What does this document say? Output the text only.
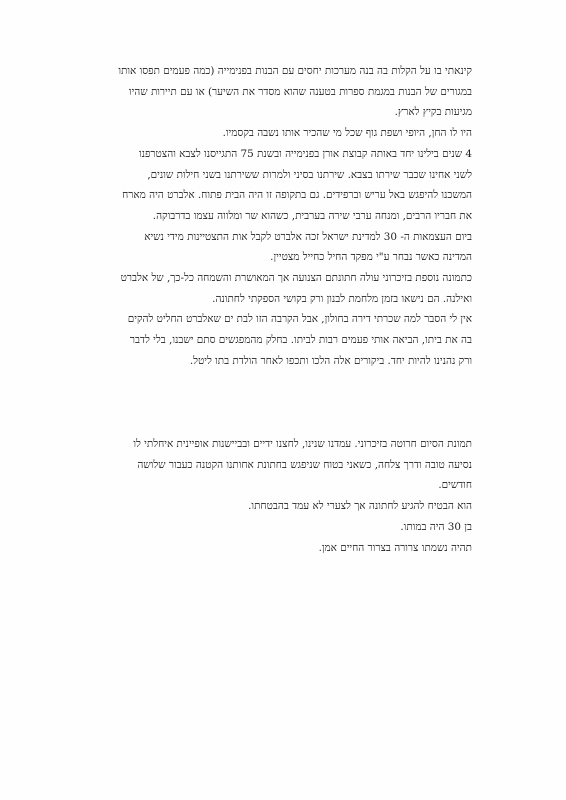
קינאתי בו על הקלות בה בנה מערכות יחסים עם הבנות בפנימייה (כמה פעמים תפסו אותו
במגורים של הבנות במגמת ספרות בטענה שהוא מסדר את השיער) או עם תיירות שהיו
מגיעות בקיץ לארץ.
היו לו החן, היופי ושפת גוף שכל מי שהכיר אותו נשבה בקסמיו.
4 שנים בילינו יחד באותה קבוצת אורן בפנימייה ובשנת 75 התגייסנו לצבא והצטרפנו
לשני אחינו שכבר שירתו בצבא. שירתנו בסיני ולמרות ששירתנו בשני חילות שונים,
המשכנו להיפגש באל עריש וברפידים. גם בתקופה זו היה הבית פתוח. אלברט היה מארח
את חבריו הרבים, ומנחה ערבי שירה בערבית, כשהוא שר ומלווה עצמו בדרבוקה.
ביום העצמאות ה- 30 למדינת ישראל זכה אלברט לקבל אות התצטיינות מידי נשיא
המדינה כאשר נבחר ע"י מפקד החיל כחייל מצטיין.
כתמונה נוספת בזיכרוני עולה חתונתם הצנועה אך המאושרת והשמחה כל-כך, של אלברט
ואילנה. הם נישאו בזמן מלחמת לבנון ורק בקושי הספקתי לחתונה.
אין לי הסבר למה שכרתי דירה בחולון, אבל הקרבה הזו לבת ים שאלברט החליט להקים
בה את ביתו, הביאה אותי פעמים רבות לביתו. בחלק מהמפגשים סתם ישבנו, בלי לדבר
ורק נהנינו להיות יחד. ביקורים אלה הלכו ותכפו לאחר הולדת בתו ליטל.
תמונת הסיום חרוטה בזיכרוני. עמדנו שנינו, לחצנו ידיים ובביישנות אופיינית איחלתי לו
נסיעה טובה ודרך צלחה, כשאני בטוח שניפגש בחתונת אחותנו הקטנה כעבור שלושה
חודשים.
הוא הבטיח להגיע לחתונה אך לצערי לא עמד בהבטחתו.
בן 30 היה במותו.
תהיה נשמתו צרורה בצרור החיים אמן.
